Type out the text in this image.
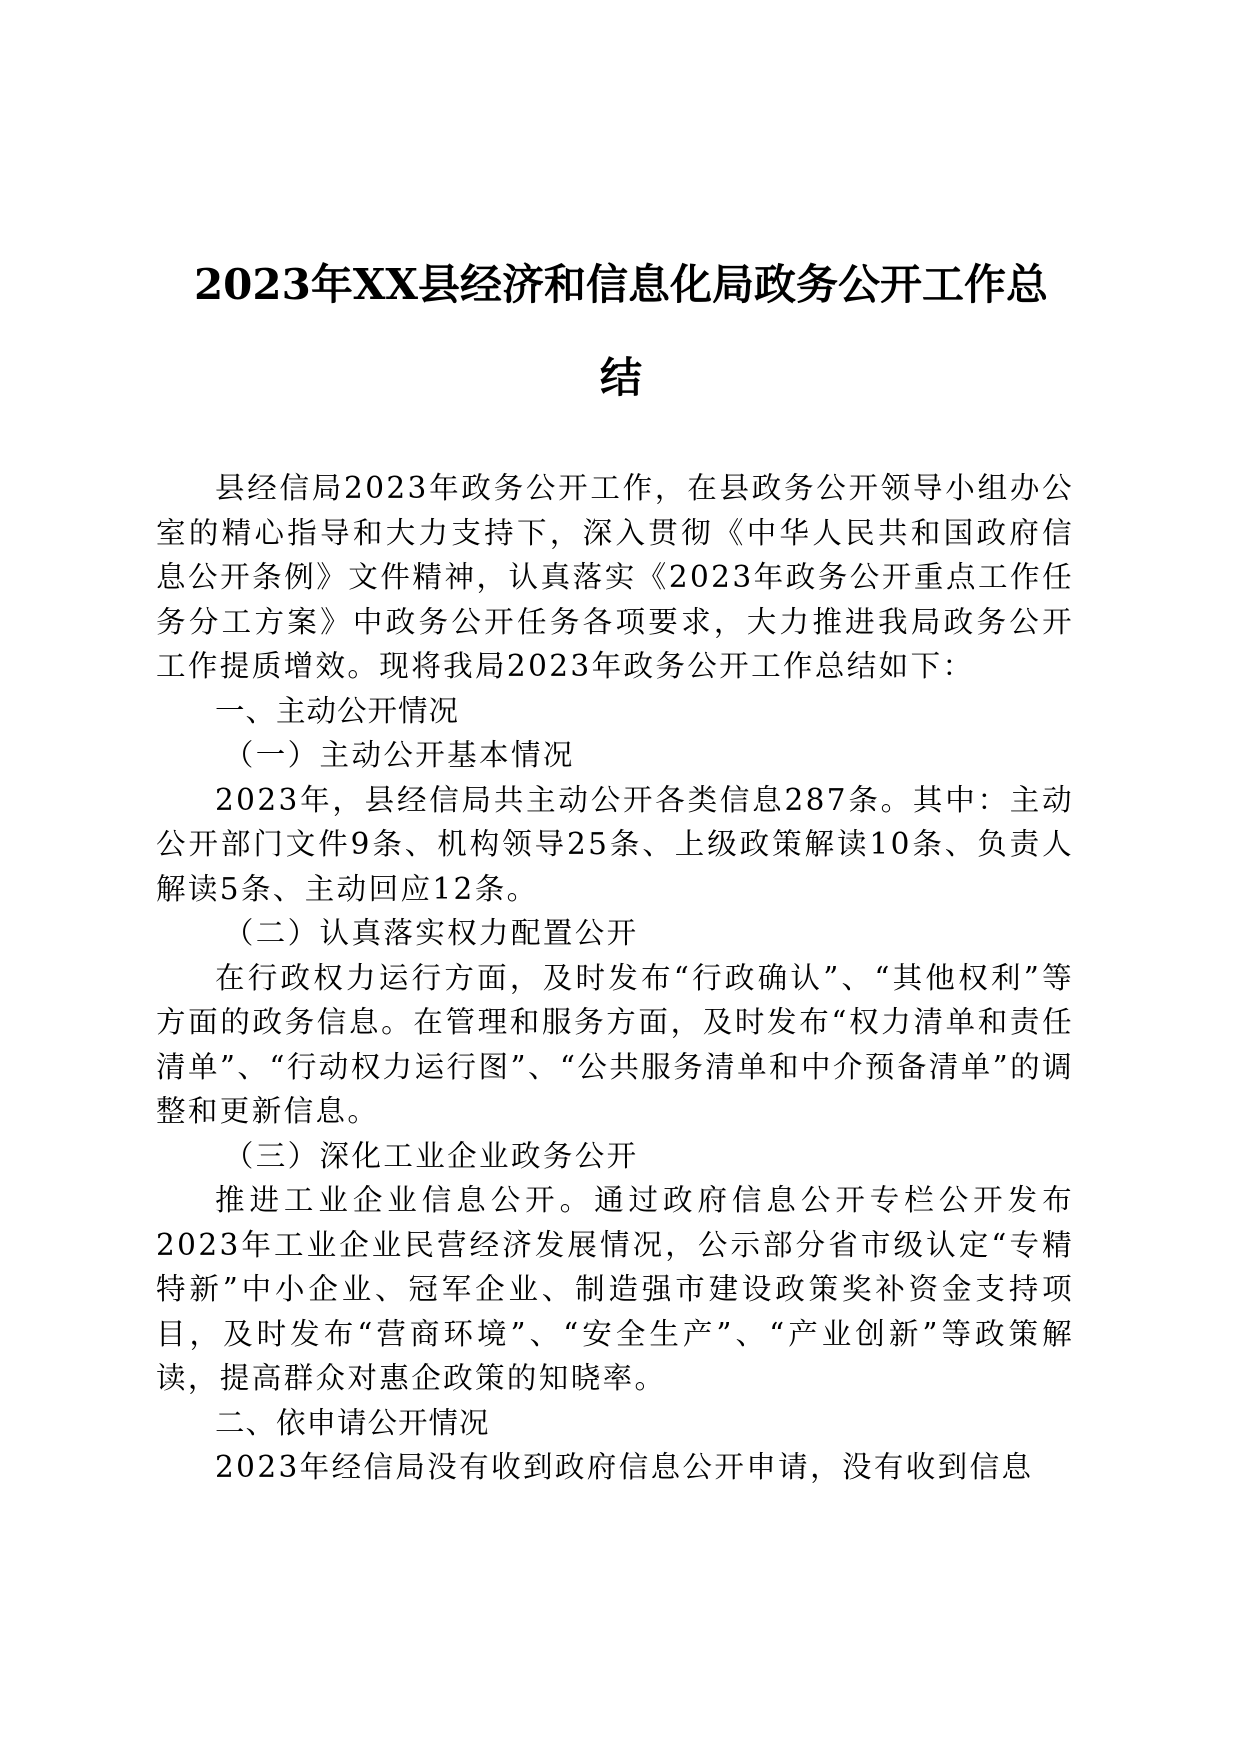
2023年XX县经济和信息化局政务公开工作总
结

县经信局2023年政务公开工作，在县政务公开领导小组办公室的精心指导和大力支持下，深入贯彻《中华人民共和国政府信息公开条例》文件精神，认真落实《2023年政务公开重点工作任务分工方案》中政务公开任务各项要求，大力推进我局政务公开工作提质增效。现将我局2023年政务公开工作总结如下：

一、主动公开情况

（一）主动公开基本情况

2023年，县经信局共主动公开各类信息287条。其中：主动公开部门文件9条、机构领导25条、上级政策解读10条、负责人解读5条、主动回应12条。

（二）认真落实权力配置公开

在行政权力运行方面，及时发布“行政确认”、“其他权利”等方面的政务信息。在管理和服务方面，及时发布“权力清单和责任清单”、“行动权力运行图”、“公共服务清单和中介预备清单”的调整和更新信息。

（三）深化工业企业政务公开

推进工业企业信息公开。通过政府信息公开专栏公开发布2023年工业企业民营经济发展情况，公示部分省市级认定“专精特新”中小企业、冠军企业、制造强市建设政策奖补资金支持项目，及时发布“营商环境”、“安全生产”、“产业创新”等政策解读，提高群众对惠企政策的知晓率。

二、依申请公开情况

2023年经信局没有收到政府信息公开申请，没有收到信息
